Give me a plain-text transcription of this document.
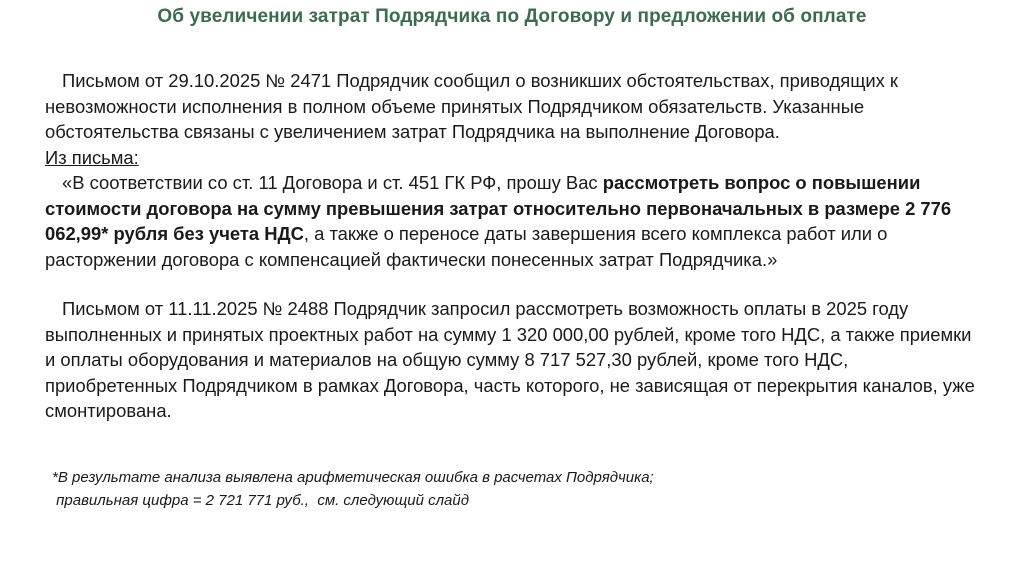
Об увеличении затрат Подрядчика по Договору и предложении об оплате

Письмом от 29.10.2025 № 2471 Подрядчик сообщил о возникших обстоятельствах, приводящих к невозможности исполнения в полном объеме принятых Подрядчиком обязательств. Указанные обстоятельства связаны с увеличением затрат Подрядчика на выполнение Договора.

Из письма:

«В соответствии со ст. 11 Договора и ст. 451 ГК РФ, прошу Вас рассмотреть вопрос о повышении стоимости договора на сумму превышения затрат относительно первоначальных в размере 2 776 062,99* рубля без учета НДС, а также о переносе даты завершения всего комплекса работ или о расторжении договора с компенсацией фактически понесенных затрат Подрядчика.»

Письмом от 11.11.2025 № 2488 Подрядчик запросил рассмотреть возможность оплаты в 2025 году выполненных и принятых проектных работ на сумму 1 320 000,00 рублей, кроме того НДС, а также приемки и оплаты оборудования и материалов на общую сумму 8 717 527,30 рублей, кроме того НДС, приобретенных Подрядчиком в рамках Договора, часть которого, не зависящая от перекрытия каналов, уже смонтирована.

*В результате анализа выявлена арифметическая ошибка в расчетах Подрядчика;
правильная цифра = 2 721 771 руб.,  см. следующий слайд
